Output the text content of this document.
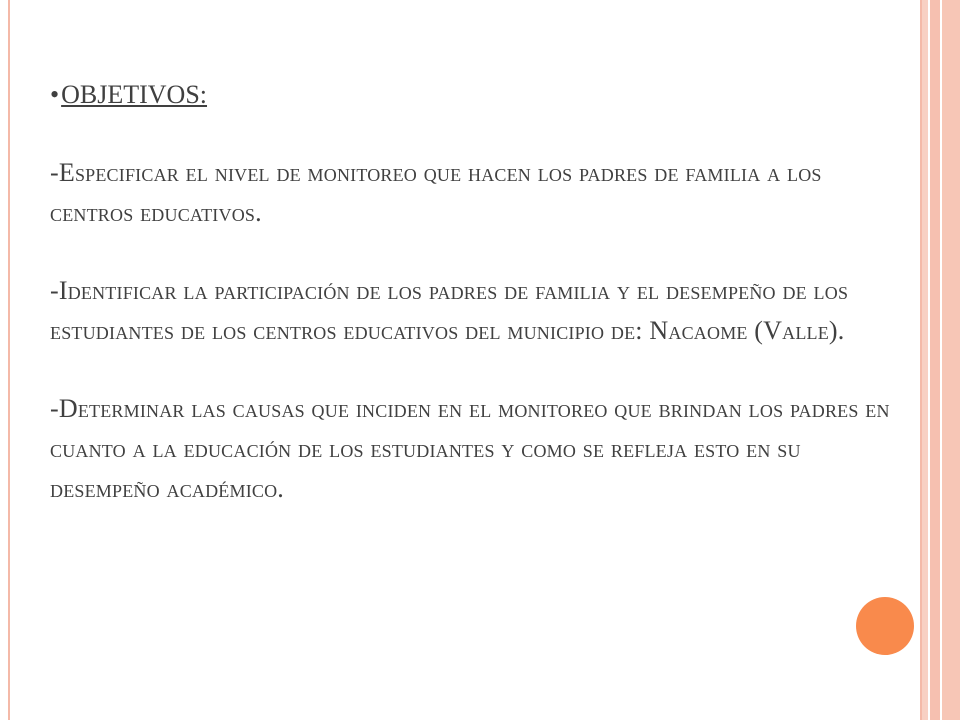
•OBJETIVOS:
-Especificar el nivel de monitoreo que hacen los padres de familia a los centros educativos.
-Identificar la participación de los padres de familia y el desempeño de los estudiantes de los centros educativos del municipio de: Nacaome (Valle).
-Determinar las causas que inciden en el monitoreo que brindan los padres en cuanto a la educación de los estudiantes y como se refleja esto en su desempeño académico.
